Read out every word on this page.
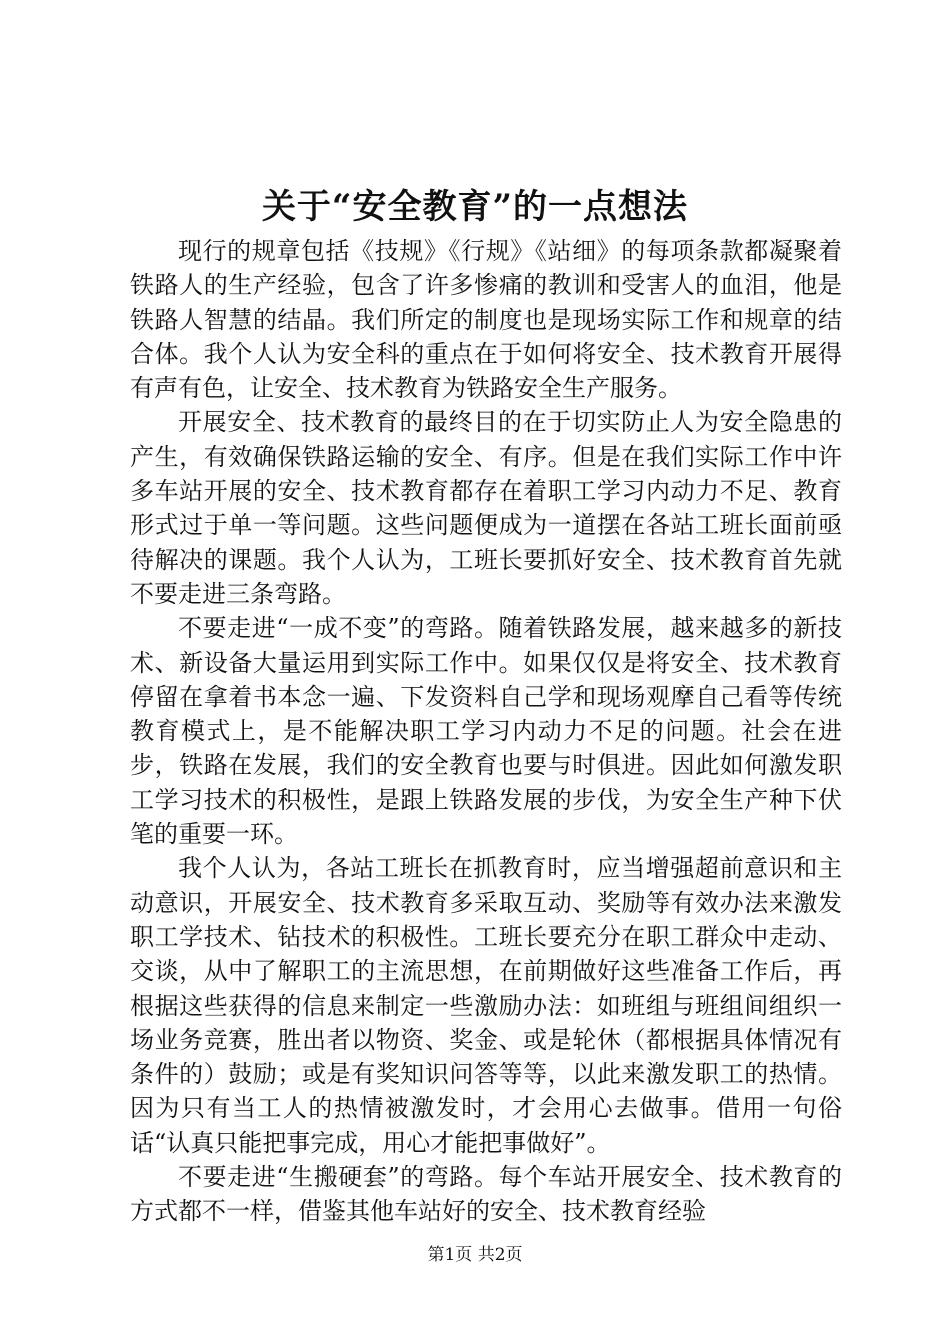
关于“安全教育”的一点想法

现行的规章包括《技规》《行规》《站细》的每项条款都凝聚着铁路人的生产经验，包含了许多惨痛的教训和受害人的血泪，他是铁路人智慧的结晶。我们所定的制度也是现场实际工作和规章的结合体。我个人认为安全科的重点在于如何将安全、技术教育开展得有声有色，让安全、技术教育为铁路安全生产服务。

开展安全、技术教育的最终目的在于切实防止人为安全隐患的产生，有效确保铁路运输的安全、有序。但是在我们实际工作中许多车站开展的安全、技术教育都存在着职工学习内动力不足、教育形式过于单一等问题。这些问题便成为一道摆在各站工班长面前亟待解决的课题。我个人认为，工班长要抓好安全、技术教育首先就不要走进三条弯路。

不要走进“一成不变”的弯路。随着铁路发展，越来越多的新技术、新设备大量运用到实际工作中。如果仅仅是将安全、技术教育停留在拿着书本念一遍、下发资料自己学和现场观摩自己看等传统教育模式上，是不能解决职工学习内动力不足的问题。社会在进步，铁路在发展，我们的安全教育也要与时俱进。因此如何激发职工学习技术的积极性，是跟上铁路发展的步伐，为安全生产种下伏笔的重要一环。

我个人认为，各站工班长在抓教育时，应当增强超前意识和主动意识，开展安全、技术教育多采取互动、奖励等有效办法来激发职工学技术、钻技术的积极性。工班长要充分在职工群众中走动、交谈，从中了解职工的主流思想，在前期做好这些准备工作后，再根据这些获得的信息来制定一些激励办法：如班组与班组间组织一场业务竞赛，胜出者以物资、奖金、或是轮休（都根据具体情况有条件的）鼓励；或是有奖知识问答等等，以此来激发职工的热情。因为只有当工人的热情被激发时，才会用心去做事。借用一句俗话“认真只能把事完成，用心才能把事做好”。

不要走进“生搬硬套”的弯路。每个车站开展安全、技术教育的方式都不一样，借鉴其他车站好的安全、技术教育经验

第1页 共2页
